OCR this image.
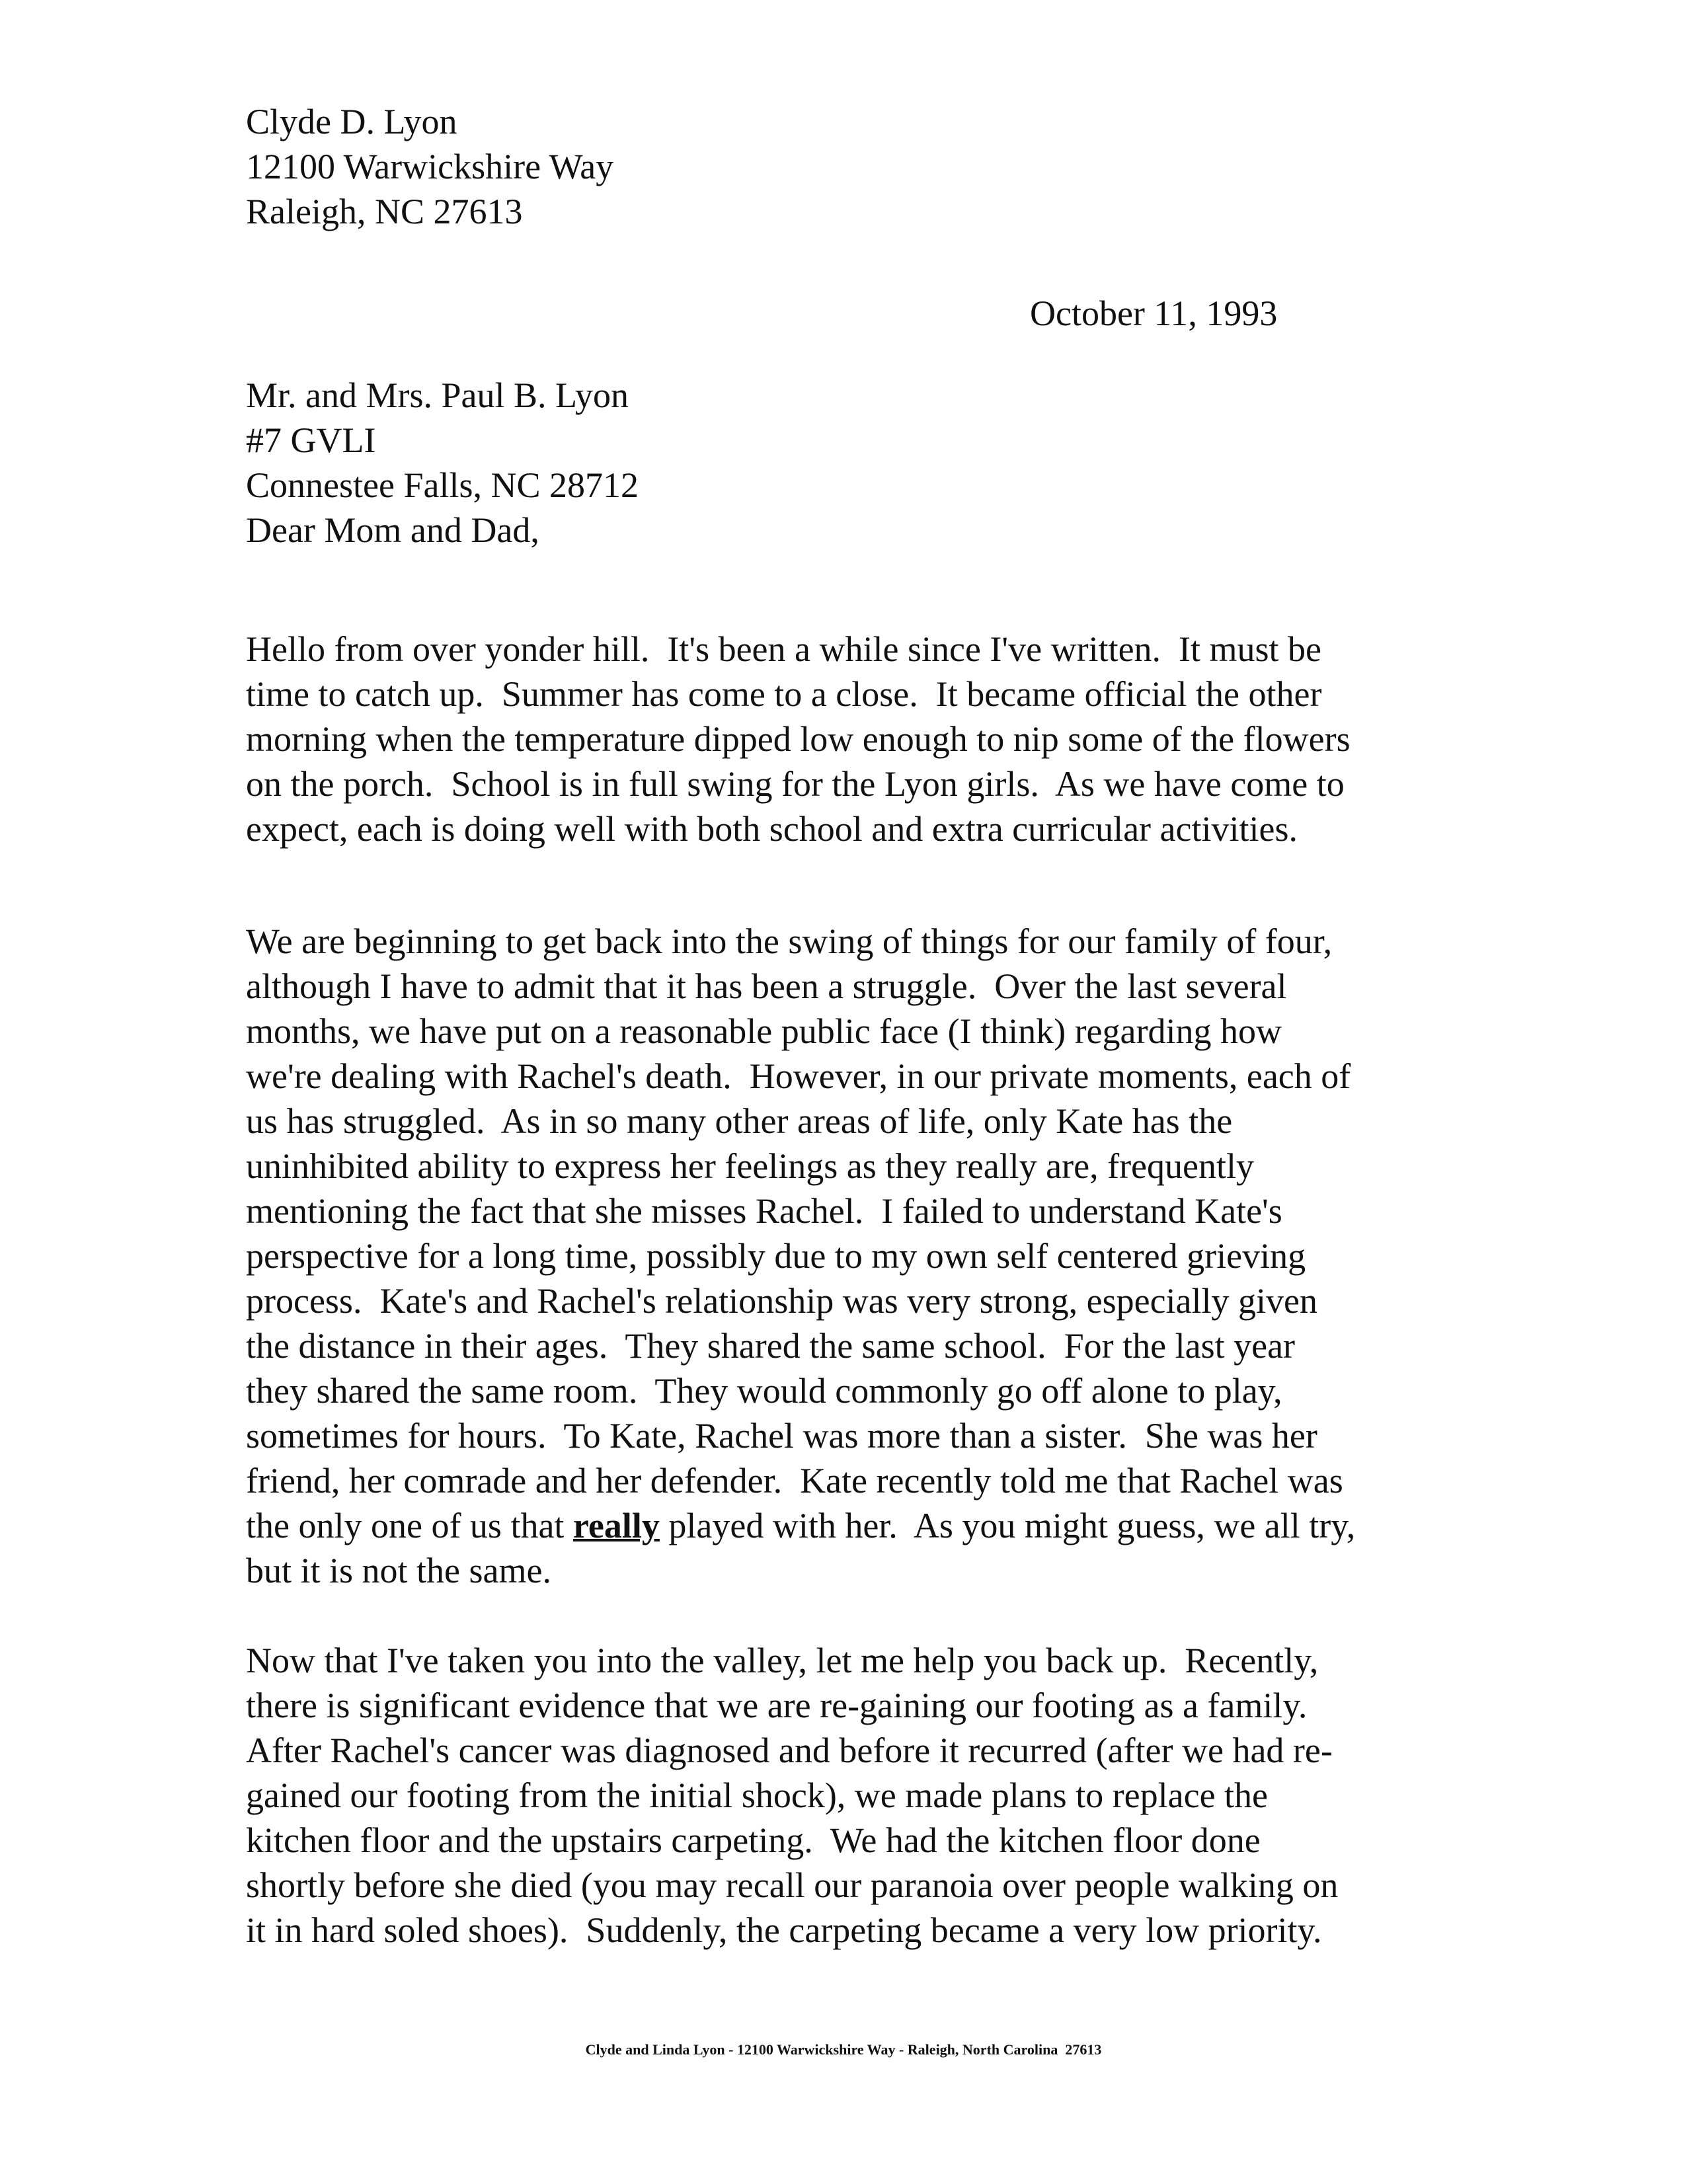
Clyde D. Lyon
12100 Warwickshire Way
Raleigh, NC 27613
October 11, 1993
Mr. and Mrs. Paul B. Lyon
#7 GVLI
Connestee Falls, NC 28712
Dear Mom and Dad,
Hello from over yonder hill.  It's been a while since I've written.  It must be
time to catch up.  Summer has come to a close.  It became official the other
morning when the temperature dipped low enough to nip some of the flowers
on the porch.  School is in full swing for the Lyon girls.  As we have come to
expect, each is doing well with both school and extra curricular activities.
We are beginning to get back into the swing of things for our family of four,
although I have to admit that it has been a struggle.  Over the last several
months, we have put on a reasonable public face (I think) regarding how
we're dealing with Rachel's death.  However, in our private moments, each of
us has struggled.  As in so many other areas of life, only Kate has the
uninhibited ability to express her feelings as they really are, frequently
mentioning the fact that she misses Rachel.  I failed to understand Kate's
perspective for a long time, possibly due to my own self centered grieving
process.  Kate's and Rachel's relationship was very strong, especially given
the distance in their ages.  They shared the same school.  For the last year
they shared the same room.  They would commonly go off alone to play,
sometimes for hours.  To Kate, Rachel was more than a sister.  She was her
friend, her comrade and her defender.  Kate recently told me that Rachel was
the only one of us that really played with her.  As you might guess, we all try,
but it is not the same.
Now that I've taken you into the valley, let me help you back up.  Recently,
there is significant evidence that we are re-gaining our footing as a family.
After Rachel's cancer was diagnosed and before it recurred (after we had re-
gained our footing from the initial shock), we made plans to replace the
kitchen floor and the upstairs carpeting.  We had the kitchen floor done
shortly before she died (you may recall our paranoia over people walking on
it in hard soled shoes).  Suddenly, the carpeting became a very low priority.
Clyde and Linda Lyon - 12100 Warwickshire Way - Raleigh, North Carolina  27613
